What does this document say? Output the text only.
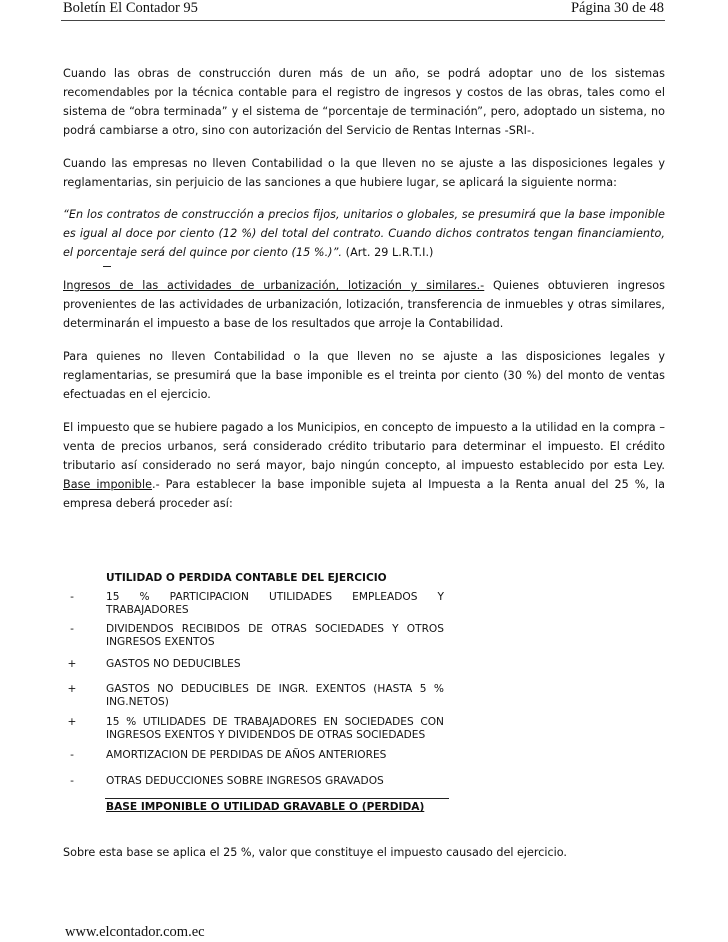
Boletín El Contador 95	Página 30 de 48
Cuando las obras de construcción duren más de un año, se podrá adoptar uno de los sistemas recomendables por la técnica contable para el registro de ingresos y costos de las obras, tales como el sistema de “obra terminada” y el sistema de “porcentaje de terminación”, pero, adoptado un sistema, no podrá cambiarse a otro, sino con autorización del Servicio de Rentas Internas -SRI-.
Cuando las empresas no lleven Contabilidad o la que lleven no se ajuste a las disposiciones legales y reglamentarias, sin perjuicio de las sanciones a que hubiere lugar, se aplicará la siguiente norma:
“En los contratos de construcción a precios fijos, unitarios o globales, se presumirá que la base imponible es igual al doce por ciento (12 %) del total del contrato. Cuando dichos contratos tengan financiamiento, el porcentaje será del quince por ciento (15 %.)”. (Art. 29 L.R.T.I.)
Ingresos de las actividades de urbanización, lotización y similares.- Quienes obtuvieren ingresos provenientes de las actividades de urbanización, lotización, transferencia de inmuebles y otras similares, determinarán el impuesto a base de los resultados que arroje la Contabilidad.
Para quienes no lleven Contabilidad o la que lleven no se ajuste a las disposiciones legales y reglamentarias, se presumirá que la base imponible es el treinta por ciento (30 %) del monto de ventas efectuadas en el ejercicio.
El impuesto que se hubiere pagado a los Municipios, en concepto de impuesto a la utilidad en la compra – venta de precios urbanos, será considerado crédito tributario para determinar el impuesto. El crédito tributario así considerado no será mayor, bajo ningún concepto, al impuesto establecido por esta Ley. Base imponible.- Para establecer la base imponible sujeta al Impuesta a la Renta anual del 25 %, la empresa deberá proceder así:
UTILIDAD O PERDIDA CONTABLE DEL EJERCICIO
-	15 % PARTICIPACION UTILIDADES EMPLEADOS Y TRABAJADORES
-	DIVIDENDOS RECIBIDOS DE OTRAS SOCIEDADES Y OTROS INGRESOS EXENTOS
+	GASTOS NO DEDUCIBLES
+	GASTOS NO DEDUCIBLES DE INGR. EXENTOS (HASTA 5 % ING.NETOS)
+	15 % UTILIDADES DE TRABAJADORES EN SOCIEDADES CON INGRESOS EXENTOS Y DIVIDENDOS DE OTRAS SOCIEDADES
-	AMORTIZACION DE PERDIDAS DE AÑOS ANTERIORES
-	OTRAS DEDUCCIONES SOBRE INGRESOS GRAVADOS
BASE IMPONIBLE O UTILIDAD GRAVABLE O (PERDIDA)
Sobre esta base se aplica el 25 %, valor que constituye el impuesto causado del ejercicio.
www.elcontador.com.ec
